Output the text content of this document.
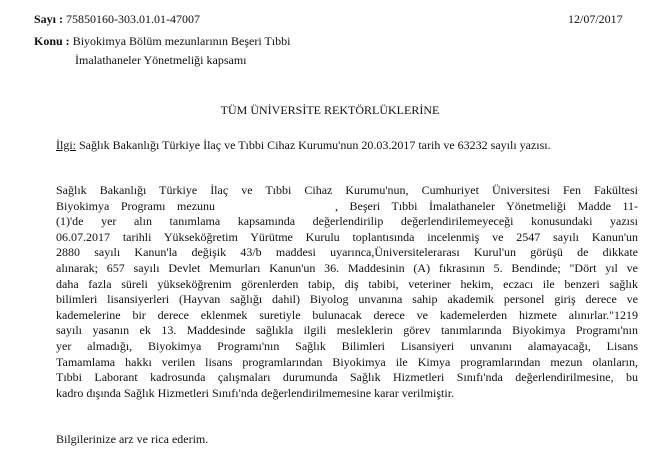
Sayı : 75850160-303.01.01-47007	12/07/2017
Konu : Biyokimya Bölüm mezunlarının Beşeri Tıbbi
İmalathaneler Yönetmeliği kapsamı
TÜM ÜNİVERSİTE REKTÖRLÜKLERİNE
İlgi: Sağlık Bakanlığı Türkiye İlaç ve Tıbbi Cihaz Kurumu'nun 20.03.2017 tarih ve 63232 sayılı yazısı.
Sağlık Bakanlığı Türkiye İlaç ve Tıbbi Cihaz Kurumu'nun, Cumhuriyet Üniversitesi Fen Fakültesi
Biyokimya Programı mezunu	, Beşeri Tıbbi İmalathaneler Yönetmeliği Madde 11-
(1)'de yer alın tanımlama kapsamında değerlendirilip değerlendirilemeyeceği konusundaki yazısı
06.07.2017 tarihli Yükseköğretim Yürütme Kurulu toplantısında incelenmiş ve 2547 sayılı Kanun'un
2880 sayılı Kanun'la değişik 43/b maddesi uyarınca,Üniversitelerarası Kurul'un görüşü de dikkate
alınarak; 657 sayılı Devlet Memurları Kanun'un 36. Maddesinin (A) fıkrasının 5. Bendinde; "Dört yıl ve
daha fazla süreli yükseköğrenim görenlerden tabip, diş tabibi, veteriner hekim, eczacı ile benzeri sağlık
bilimleri lisansiyerleri (Hayvan sağlığı dahil) Biyolog unvanına sahip akademik personel giriş derece ve
kademelerine bir derece eklenmek suretiyle bulunacak derece ve kademelerden hizmete alınırlar."1219
sayılı yasanın ek 13. Maddesinde sağlıkla ilgili mesleklerin görev tanımlarında Biyokimya Programı'nın
yer almadığı, Biyokimya Programı'nın Sağlık Bilimleri Lisansiyeri unvanını alamayacağı, Lisans
Tamamlama hakkı verilen lisans programlarından Biyokimya ile Kimya programlarından mezun olanların,
Tıbbi Laborant kadrosunda çalışmaları durumunda Sağlık Hizmetleri Sınıfı'nda değerlendirilmesine, bu
kadro dışında Sağlık Hizmetleri Sınıfı'nda değerlendirilmemesine karar verilmiştir.
Bilgilerinize arz ve rica ederim.
